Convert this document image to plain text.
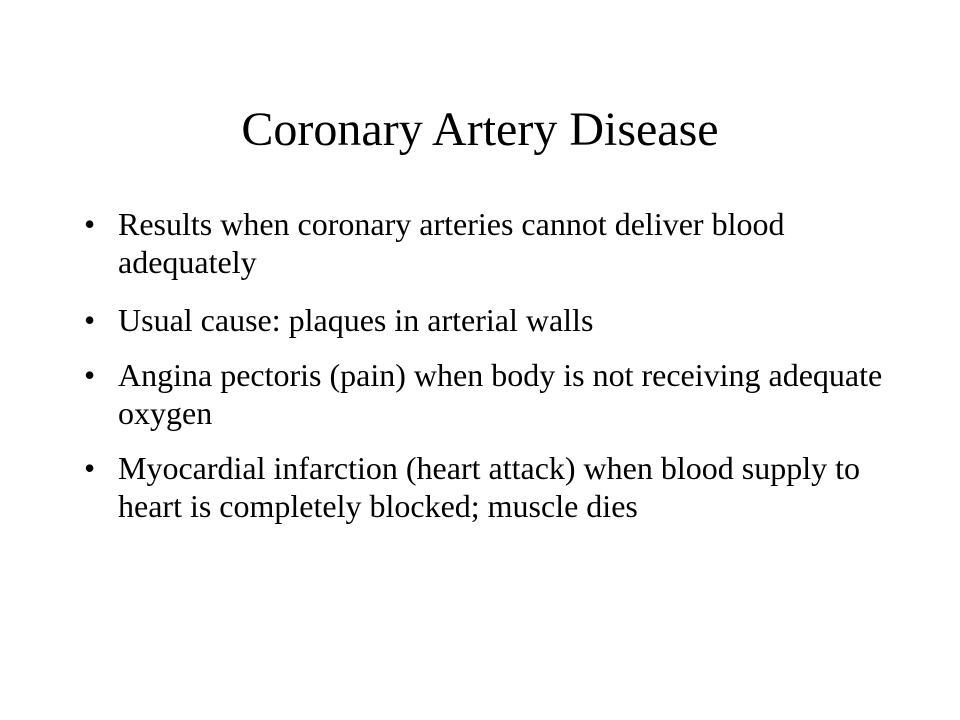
Coronary Artery Disease
• Results when coronary arteries cannot deliver blood adequately
• Usual cause: plaques in arterial walls
• Angina pectoris (pain) when body is not receiving adequate oxygen
• Myocardial infarction (heart attack) when blood supply to heart is completely blocked; muscle dies
